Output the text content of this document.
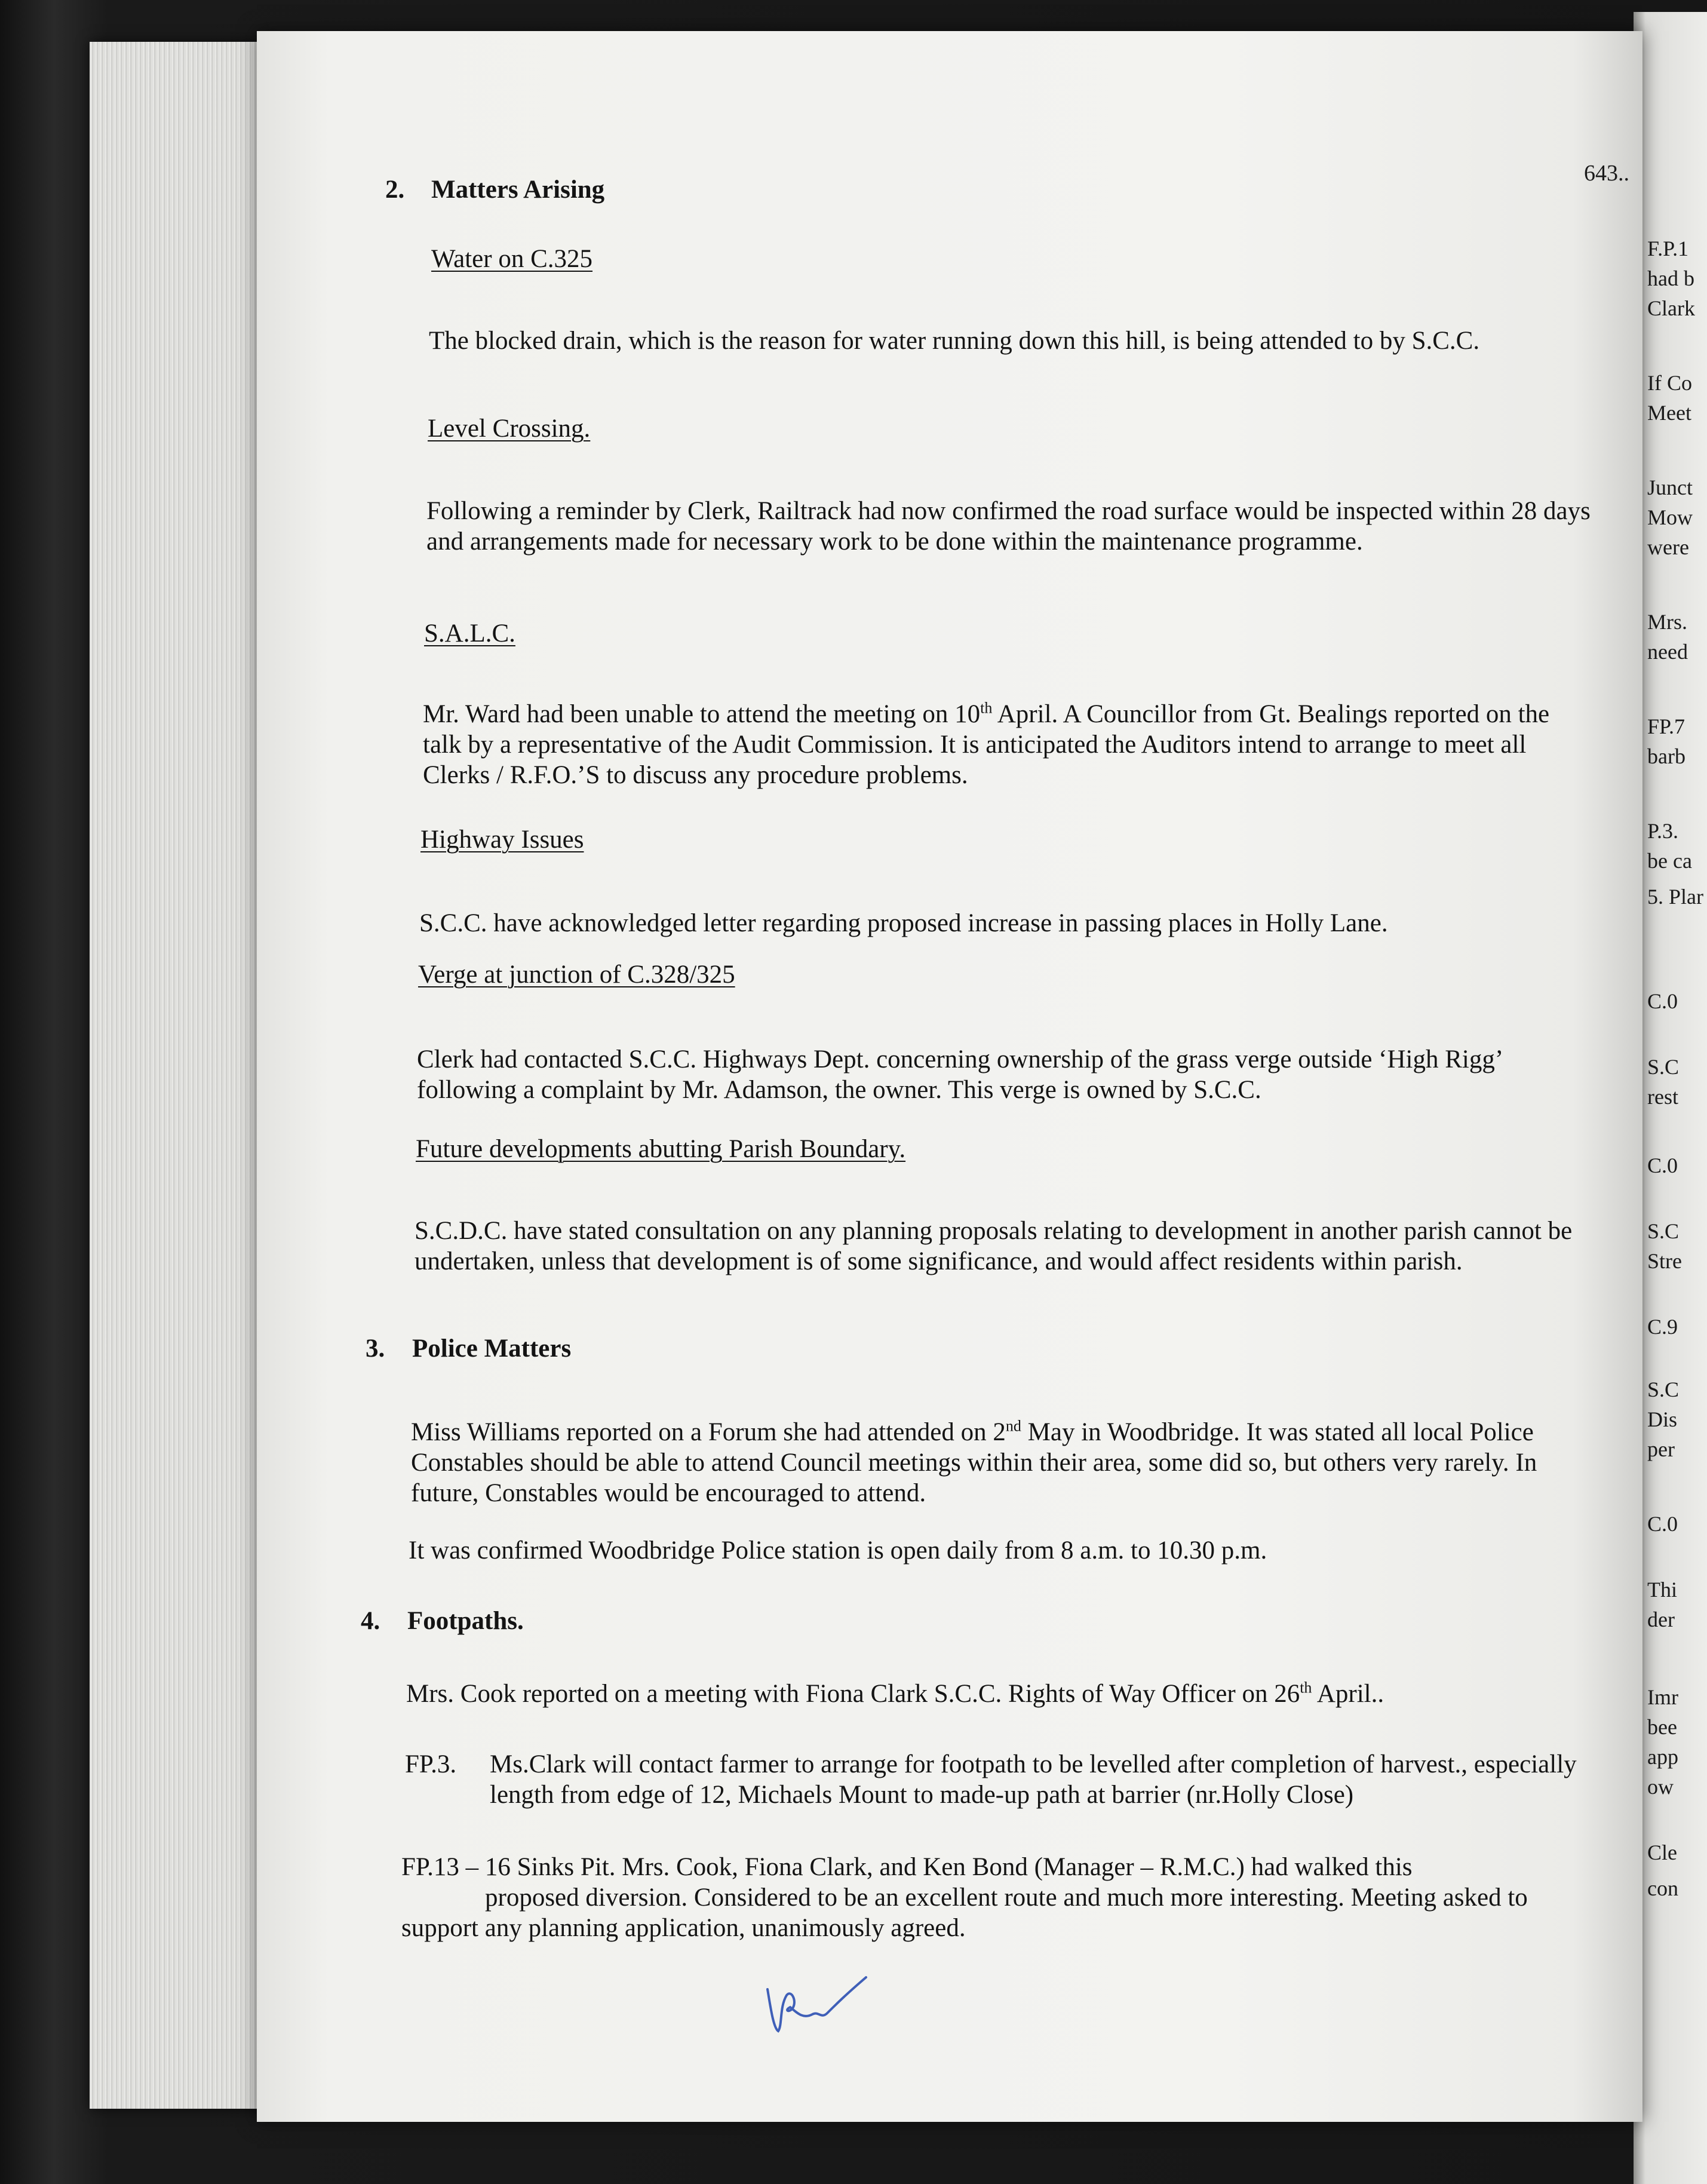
F.P.1
had b
Clark
If Co
Meet
Junct
Mow
were
Mrs.
need
FP.7
barb
P.3.
be ca
5. Plar
C.0
S.C
rest
C.0
S.C
Stre
C.9
S.C
Dis
per
C.0
Thi
der
Imr
bee
app
ow
Cle
con
643..
2. Matters Arising
Water on C.325
The blocked drain, which is the reason for water running down this hill, is being attended to by S.C.C.
Level Crossing.
Following a reminder by Clerk, Railtrack had now confirmed the road surface would be inspected within 28 days and arrangements made for necessary work to be done within the maintenance programme.
S.A.L.C.
Mr. Ward had been unable to attend the meeting on 10th April. A Councillor from Gt. Bealings reported on the talk by a representative of the Audit Commission. It is anticipated the Auditors intend to arrange to meet all Clerks / R.F.O.’S to discuss any procedure problems.
Highway Issues
S.C.C. have acknowledged letter regarding proposed increase in passing places in Holly Lane.
Verge at junction of C.328/325
Clerk had contacted S.C.C. Highways Dept. concerning ownership of the grass verge outside ‘High Rigg’ following a complaint by Mr. Adamson, the owner. This verge is owned by S.C.C.
Future developments abutting Parish Boundary.
S.C.D.C. have stated consultation on any planning proposals relating to development in another parish cannot be undertaken, unless that development is of some significance, and would affect residents within parish.
3. Police Matters
Miss Williams reported on a Forum she had attended on 2nd May in Woodbridge. It was stated all local Police Constables should be able to attend Council meetings within their area, some did so, but others very rarely. In future, Constables would be encouraged to attend.
It was confirmed Woodbridge Police station is open daily from 8 a.m. to 10.30 p.m.
4. Footpaths.
Mrs. Cook reported on a meeting with Fiona Clark S.C.C. Rights of Way Officer on 26th April..
FP.3. Ms.Clark will contact farmer to arrange for footpath to be levelled after completion of harvest., especially length from edge of 12, Michaels Mount to made-up path at barrier (nr.Holly Close)
FP.13 – 16 Sinks Pit. Mrs. Cook, Fiona Clark, and Ken Bond (Manager – R.M.C.) had walked this
proposed diversion. Considered to be an excellent route and much more interesting. Meeting asked to support any planning application, unanimously agreed.
